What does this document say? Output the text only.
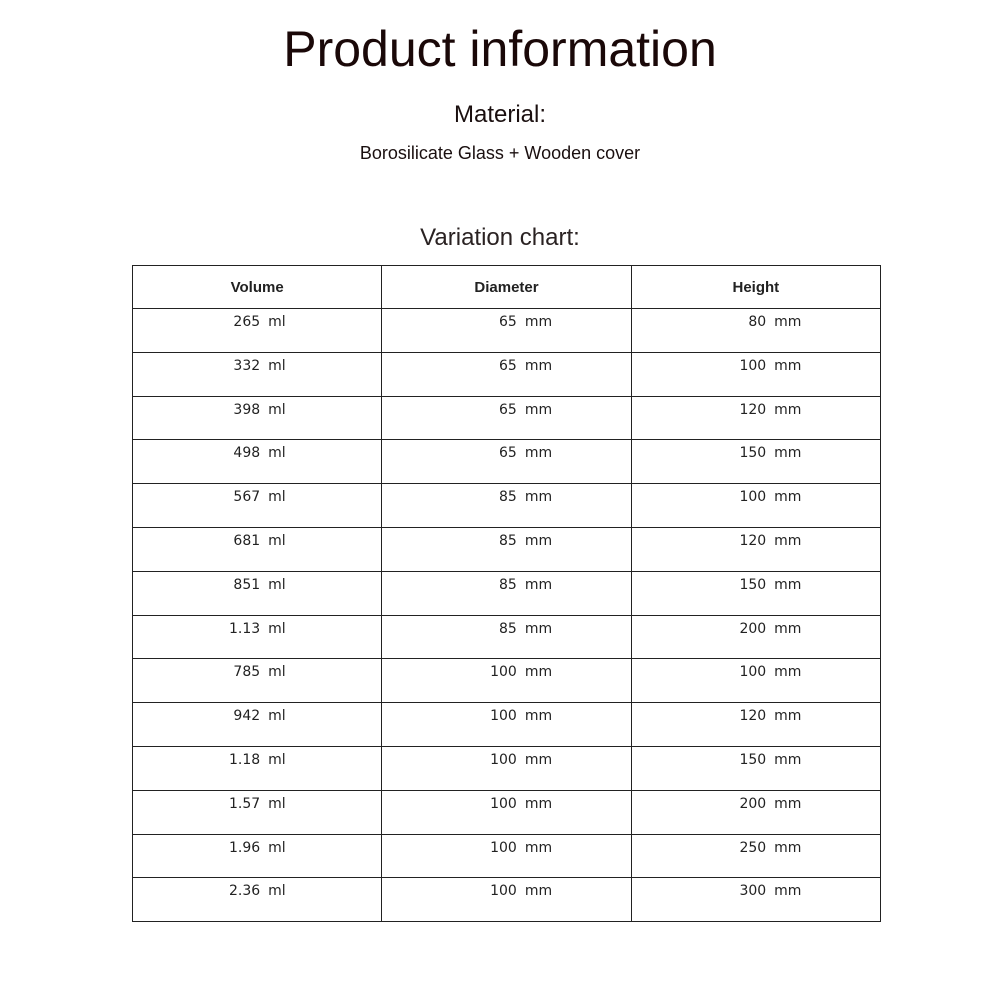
Product information
Material:
Borosilicate Glass + Wooden cover
Variation chart:
Volume	Diameter	Height

265 ml	65 mm	80 mm

332 ml	65 mm	100 mm

398 ml	65 mm	120 mm

498 ml	65 mm	150 mm

567 ml	85 mm	100 mm

681 ml	85 mm	120 mm

851 ml	85 mm	150 mm

1.13 ml	85 mm	200 mm

785 ml	100 mm	100 mm

942 ml	100 mm	120 mm

1.18 ml	100 mm	150 mm

1.57 ml	100 mm	200 mm

1.96 ml	100 mm	250 mm

2.36 ml	100 mm	300 mm
